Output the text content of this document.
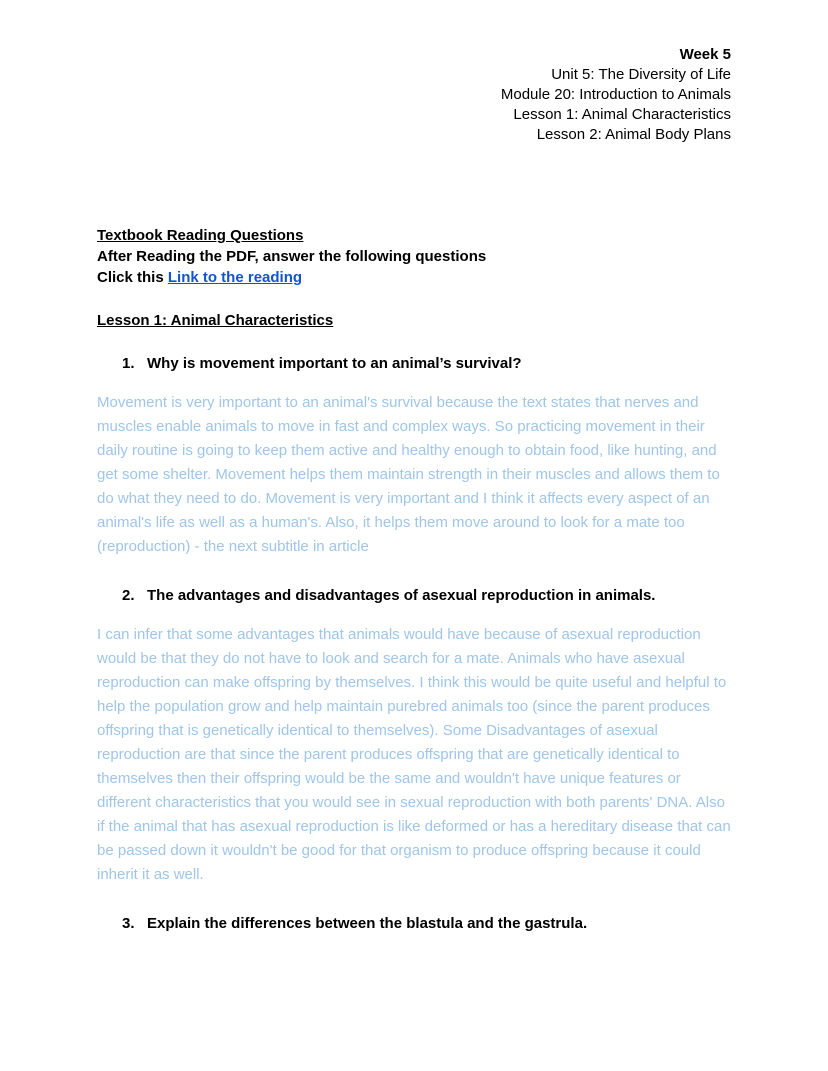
Week 5
Unit 5: The Diversity of Life
Module 20: Introduction to Animals
Lesson 1: Animal Characteristics
Lesson 2: Animal Body Plans
Textbook Reading Questions
After Reading the PDF, answer the following questions
Click this Link to the reading
Lesson 1: Animal Characteristics
1. Why is movement important to an animal’s survival?

Movement is very important to an animal's survival because the text states that nerves and muscles enable animals to move in fast and complex ways. So practicing movement in their daily routine is going to keep them active and healthy enough to obtain food, like hunting, and get some shelter. Movement helps them maintain strength in their muscles and allows them to do what they need to do. Movement is very important and I think it affects every aspect of an animal's life as well as a human's. Also, it helps them move around to look for a mate too (reproduction) - the next subtitle in article

2. The advantages and disadvantages of asexual reproduction in animals.

I can infer that some advantages that animals would have because of asexual reproduction would be that they do not have to look and search for a mate. Animals who have asexual reproduction can make offspring by themselves. I think this would be quite useful and helpful to help the population grow and help maintain purebred animals too (since the parent produces offspring that is genetically identical to themselves). Some Disadvantages of asexual reproduction are that since the parent produces offspring that are genetically identical to themselves then their offspring would be the same and wouldn't have unique features or different characteristics that you would see in sexual reproduction with both parents' DNA. Also if the animal that has asexual reproduction is like deformed or has a hereditary disease that can be passed down it wouldn't be good for that organism to produce offspring because it could inherit it as well.

3. Explain the differences between the blastula and the gastrula.
